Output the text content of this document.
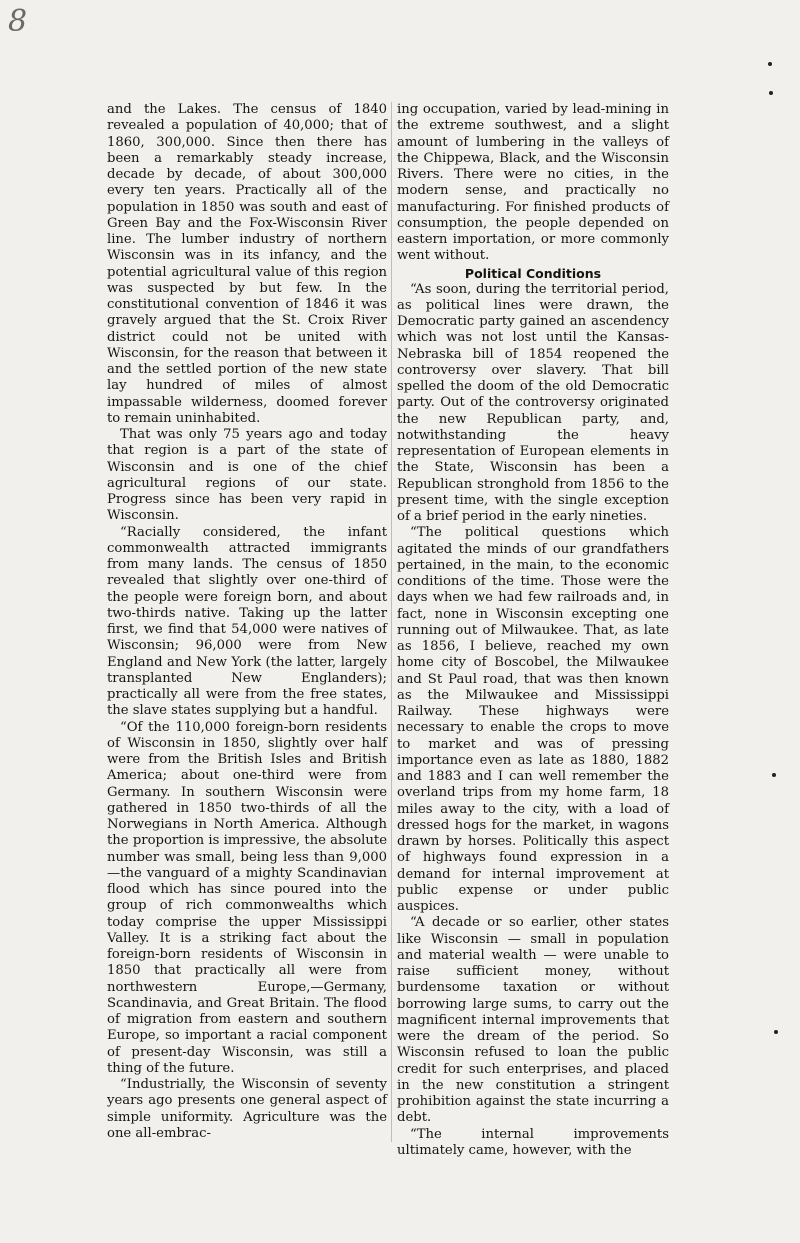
8

and the Lakes. The census of 1840 revealed a population of 40,000; that of 1860, 300,000. Since then there has been a remarkably steady increase, decade by decade, of about 300,000 every ten years. Practically all of the population in 1850 was south and east of Green Bay and the Fox-Wisconsin River line. The lumber industry of northern Wisconsin was in its infancy, and the potential agricultural value of this region was suspected by but few. In the constitutional convention of 1846 it was gravely argued that the St. Croix River district could not be united with Wisconsin, for the reason that between it and the settled portion of the new state lay hundred of miles of almost impassable wilderness, doomed forever to remain uninhabited.

That was only 75 years ago and today that region is a part of the state of Wisconsin and is one of the chief agricultural regions of our state. Progress since has been very rapid in Wisconsin.

“Racially considered, the infant commonwealth attracted immigrants from many lands. The census of 1850 revealed that slightly over one-third of the people were foreign born, and about two-thirds native. Taking up the latter first, we find that 54,000 were natives of Wisconsin; 96,000 were from New England and New York (the latter, largely transplanted New Englanders); practically all were from the free states, the slave states supplying but a handful.

“Of the 110,000 foreign-born residents of Wisconsin in 1850, slightly over half were from the British Isles and British America; about one-third were from Germany. In southern Wisconsin were gathered in 1850 two-thirds of all the Norwegians in North America. Although the proportion is impressive, the absolute number was small, being less than 9,000—the vanguard of a mighty Scandinavian flood which has since poured into the group of rich commonwealths which today comprise the upper Mississippi Valley. It is a striking fact about the foreign-born residents of Wisconsin in 1850 that practically all were from northwestern Europe,—Germany, Scandinavia, and Great Britain. The flood of migration from eastern and southern Europe, so important a racial component of present-day Wisconsin, was still a thing of the future.

“Industrially, the Wisconsin of seventy years ago presents one general aspect of simple uniformity. Agriculture was the one all-embrac-

ing occupation, varied by lead-mining in the extreme southwest, and a slight amount of lumbering in the valleys of the Chippewa, Black, and the Wisconsin Rivers. There were no cities, in the modern sense, and practically no manufacturing. For finished products of consumption, the people depended on eastern importation, or more commonly went without.

Political Conditions

“As soon, during the territorial period, as political lines were drawn, the Democratic party gained an ascendency which was not lost until the Kansas-Nebraska bill of 1854 reopened the controversy over slavery. That bill spelled the doom of the old Democratic party. Out of the controversy originated the new Republican party, and, notwithstanding the heavy representation of European elements in the State, Wisconsin has been a Republican stronghold from 1856 to the present time, with the single exception of a brief period in the early nineties.

“The political questions which agitated the minds of our grandfathers pertained, in the main, to the economic conditions of the time. Those were the days when we had few railroads and, in fact, none in Wisconsin excepting one running out of Milwaukee. That, as late as 1856, I believe, reached my own home city of Boscobel, the Milwaukee and St Paul road, that was then known as the Milwaukee and Mississippi Railway. These highways were necessary to enable the crops to move to market and was of pressing importance even as late as 1880, 1882 and 1883 and I can well remember the overland trips from my home farm, 18 miles away to the city, with a load of dressed hogs for the market, in wagons drawn by horses. Politically this aspect of highways found expression in a demand for internal improvement at public expense or under public auspices.

“A decade or so earlier, other states like Wisconsin — small in population and material wealth — were unable to raise sufficient money, without burdensome taxation or without borrowing large sums, to carry out the magnificent internal improvements that were the dream of the period. So Wisconsin refused to loan the public credit for such enterprises, and placed in the new constitution a stringent prohibition against the state incurring a debt.

“The internal improvements ultimately came, however, with the
